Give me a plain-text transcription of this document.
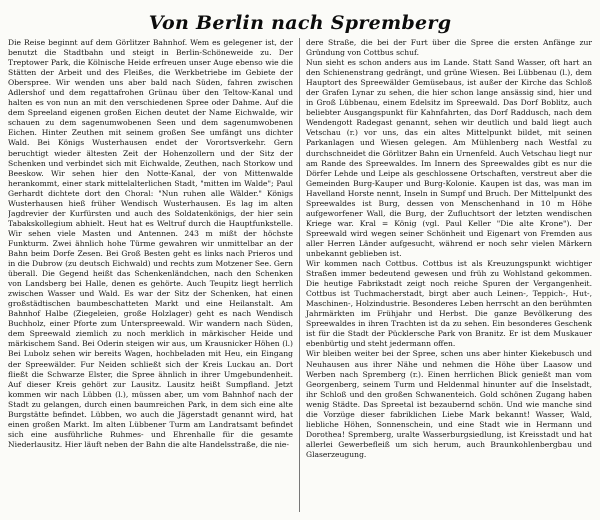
Von Berlin nach Spremberg

Die Reise beginnt auf dem Görlitzer Bahnhof. Wem es gelegener ist, der benutzt die Stadtbahn und steigt in Berlin-Schöneweide zu. Der Treptower Park, die Kölnische Heide erfreuen unser Auge ebenso wie die Stätten der Arbeit und des Fleißes, die Werkbetriebe im Gebiete der Oberspree. Wir wenden uns aber bald nach Süden, fahren zwischen Adlershof und dem regattafrohen Grünau über den Teltow-Kanal und halten es von nun an mit den verschiedenen Spree oder Dahme. Auf die dem Spreeland eigenen großen Eichen deutet der Name Eichwalde, wir schauen zu dem sagenumwobenen Seen und dem sagenumwobenen Eichen. Hinter Zeuthen mit seinem großen See umfängt uns dichter Wald. Bei Königs Wusterhausen endet der Vorortsverkehr. Gern beruchtigt wieder ältesten Zeit der Hohenzollern und der Sitz der Schenken und verbindet sich mit Eichwalde, Zeuthen, nach Storkow und Beeskow. Wir sehen hier den Notte-Kanal, der von Mittenwalde herankommt, einer stark mittelalterlichen Stadt, "mitten im Walde"; Paul Gerhardt dichtete dort den Choral: "Nun ruhen alle Wälder." Königs Wusterhausen hieß früher Wendisch Wusterhausen. Es lag im alten Jagdrevier der Kurfürsten und auch des Soldatenkönigs, der hier sein Tabakskollegium abhielt. Heut hat es Weltruf durch die Hauptfunkstelle. Wir sehen viele Masten und Antennen. 243 m mißt der höchste Funkturm. Zwei ähnlich hohe Türme gewahren wir unmittelbar an der Bahn beim Dorfe Zesen. Bei Groß Besten geht es links nach Prieros und in die Dubrow (zu deutsch Eichwald) und rechts zum Motzener See. Gern überall. Die Gegend heißt das Schenkenländchen, nach den Schenken von Landsberg bei Halle, denen es gehörte. Auch Teupitz liegt herrlich zwischen Wasser und Wald. Es war der Sitz der Schenken, hat einen großstädtischen baumbeschatteten Markt und eine Heilanstalt. Am Bahnhof Halbe (Ziegeleien, große Holzlager) geht es nach Wendisch Buchholz, einer Pforte zum Unterspreewald. Wir wandern nach Süden, dem Spreewald ziemlich zu noch merklich in märkischer Heide und märkischem Sand. Bei Oderin steigen wir aus, um Krausnicker Höhen (l.) Bei Lubolz sehen wir bereits Wagen, hochbeladen mit Heu, ein Eingang der Spreewälder. Fur Neiden schließt sich der Kreis Luckau an. Dort fließt die Schwarze Elster, die Spree ähnlich in ihrer Umgebundenheit. Auf dieser Kreis gehört zur Lausitz. Lausitz heißt Sumpfland. Jetzt kommen wir nach Lübben (l.), müssen aber, um vom Bahnhof nach der Stadt zu gelangen, durch einen baumreichen Park, in dem sich eine alte Burgstätte befindet. Lübben, wo auch die Jägerstadt genannt wird, hat einen großen Markt. Im alten Lübbener Turm am Landratsamt befindet sich eine ausführliche Ruhmes- und Ehrenhalle für die gesamte Niederlausitz. Hier läuft neben der Bahn die alte Handelsstraße, die nie-

dere Straße, die bei der Furt über die Spree die ersten Anfänge zur Gründung von Cottbus schuf.

Nun sieht es schon anders aus im Lande. Statt Sand Wasser, oft hart an den Schienenstrang gedrängt, und grüne Wiesen. Bei Lübbenau (l.), dem Hauptort des Spreewälder Gemüsebaus, ist außer der Kirche das Schloß der Grafen Lynar zu sehen, die hier schon lange ansässig sind, hier und in Groß Lübbenau, einem Edelsitz im Spreewald. Das Dorf Boblitz, auch beliebter Ausgangspunkt für Kahnfahrten, das Dorf Raddusch, nach dem Wendengott Radegast genannt, sehen wir deutlich und bald liegt auch Vetschau (r.) vor uns, das ein altes Mittelpunkt bildet, mit seinen Parkanlagen und Wiesen gelegen. Am Mühlenberg nach Westfal zu durchschneidet die Görlitzer Bahn ein Urnenfeld. Auch Vetschau liegt nur am Rande des Spreewaldes. Im Innern des Spreewaldes gibt es nur die Dörfer Lehde und Leipe als geschlossene Ortschaften, verstreut aber die Gemeinden Burg-Kauper und Burg-Kolonie. Kaupen ist das, was man im Havelland Horste nennt, Inseln in Sumpf und Bruch. Der Mittelpunkt des Spreewaldes ist Burg, dessen von Menschenhand in 10 m Höhe aufgeworfener Wall, die Burg, der Zufluchtsort der letzten wendischen Kriege war. Kral = König (vgl. Paul Keller "Die alte Krone"). Der Spreewald wird wegen seiner Schönheit und Eigenart von Fremden aus aller Herren Länder aufgesucht, während er noch sehr vielen Märkern unbekannt geblieben ist.

Wir kommen nach Cottbus. Cottbus ist als Kreuzungspunkt wichtiger Straßen immer bedeutend gewesen und früh zu Wohlstand gekommen. Die heutige Fabrikstadt zeigt noch reiche Spuren der Vergangenheit. Cottbus ist Tuchmacherstadt, birgt aber auch Leinen-, Teppich-, Hut-, Maschinen-, Holzindustrie. Besonderes Leben herrscht an den berühmten Jahrmärkten im Frühjahr und Herbst. Die ganze Bevölkerung des Spreewaldes in ihren Trachten ist da zu sehen. Ein besonderes Geschenk ist für die Stadt der Pücklersche Park von Branitz. Er ist dem Muskauer ebenbürtig und steht jedermann offen.

Wir bleiben weiter bei der Spree, schen uns aber hinter Kiekebusch und Neuhausen aus ihrer Nähe und nehmen die Höhe über Laasow und Werben nach Spremberg (r.). Einen herrlichen Blick genießt man vom Georgenberg, seinem Turm und Heldenmal hinunter auf die Inselstadt, ihr Schloß und den großen Schwanenteich. Gold schönen Zugang haben wenig Städte. Das Spreetal ist bezaubernd schön. Und wie manche sind die Vorzüge dieser fabriklichen Liebe Mark bekannt! Wasser, Wald, liebliche Höhen, Sonnenschein, und eine Stadt wie in Hermann und Dorothea! Spremberg, uralte Wasserburgsiedlung, ist Kreisstadt und hat allerlei Gewerbefleiß um sich herum, auch Braunkohlenbergbau und Glaserzeugung.
